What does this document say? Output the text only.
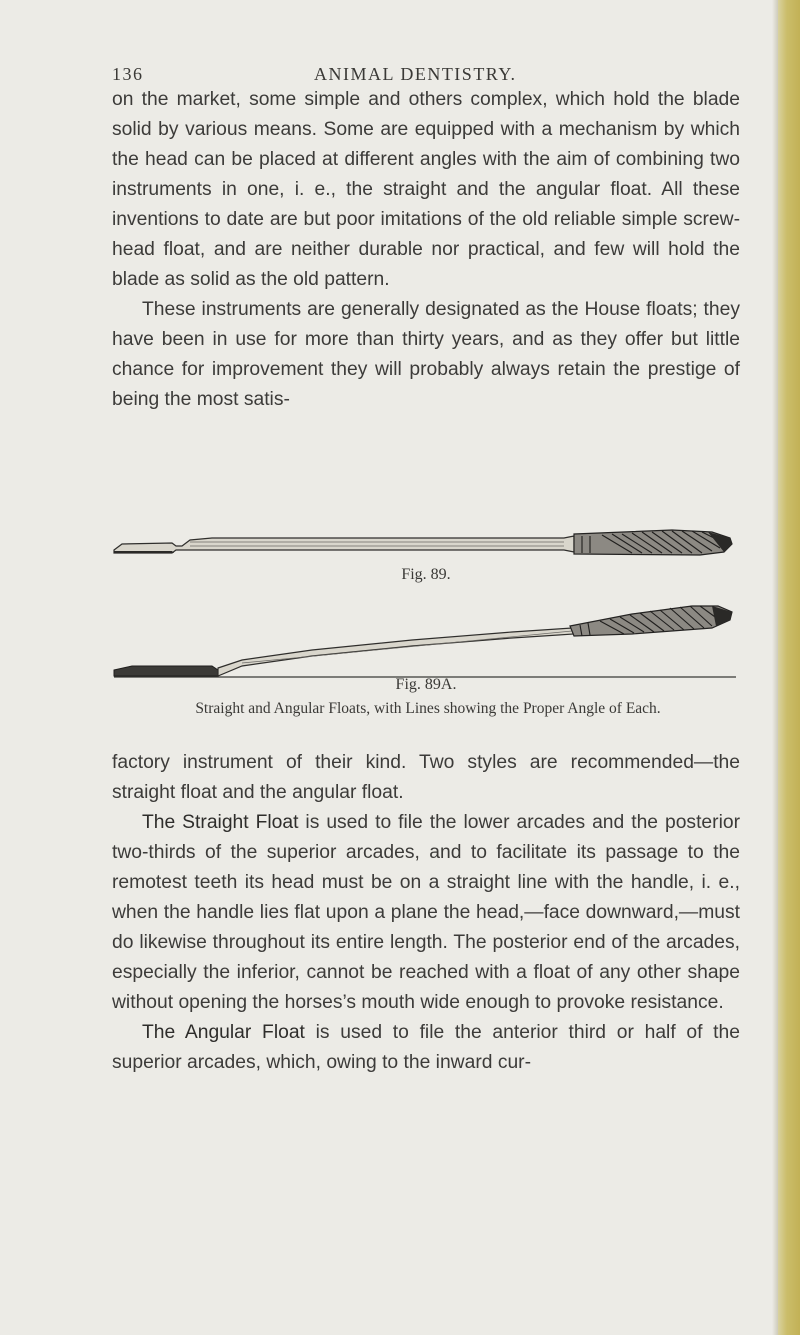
136	ANIMAL DENTISTRY.

on the market, some simple and others complex, which hold the blade solid by various means. Some are equipped with a mechanism by which the head can be placed at different angles with the aim of combining two instruments in one, i. e., the straight and the angular float. All these inventions to date are but poor imitations of the old reliable simple screw-head float, and are neither durable nor practical, and few will hold the blade as solid as the old pattern.

These instruments are generally designated as the House floats; they have been in use for more than thirty years, and as they offer but little chance for improvement they will probably always retain the prestige of being the most satis-

Fig. 89.
Fig. 89A.
Straight and Angular Floats, with Lines showing the Proper Angle of Each.

factory instrument of their kind. Two styles are recommended—the straight float and the angular float.

The Straight Float is used to file the lower arcades and the posterior two-thirds of the superior arcades, and to facilitate its passage to the remotest teeth its head must be on a straight line with the handle, i. e., when the handle lies flat upon a plane the head,—face downward,—must do likewise throughout its entire length. The posterior end of the arcades, especially the inferior, cannot be reached with a float of any other shape without opening the horses’s mouth wide enough to provoke resistance.

The Angular Float is used to file the anterior third or half of the superior arcades, which, owing to the inward cur-
